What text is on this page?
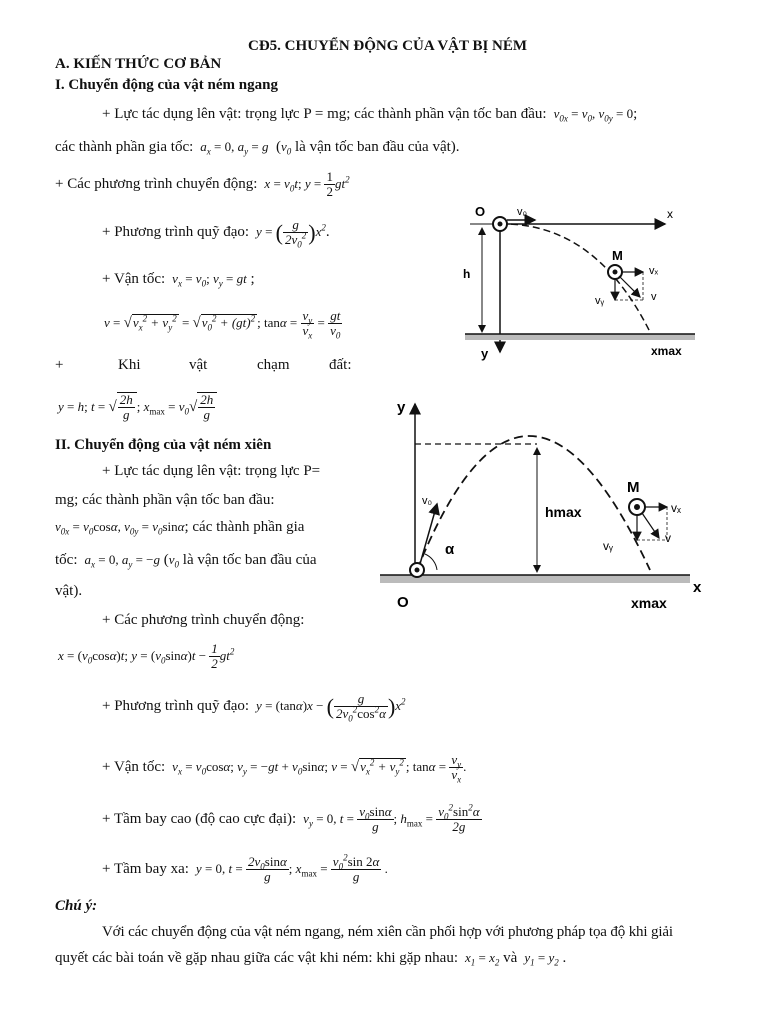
CĐ5. CHUYỂN ĐỘNG CỦA VẬT BỊ NÉM
A. KIẾN THỨC CƠ BẢN
I. Chuyển động của vật ném ngang
+ Lực tác dụng lên vật: trọng lực P = mg; các thành phần vận tốc ban đầu:  $v_{0x} = v_0$, $v_{0y} = 0$;
các thành phần gia tốc:  $a_x = 0$, $a_y = g$  ($v_0$ là vận tốc ban đầu của vật).
+ Các phương trình chuyển động:  $x = v_0t$; $y = \frac{1}{2} gt^2$
+ Phương trình quỹ đạo:  y = ( $\frac{g}{2v_0^2} )x^2$.
+ Vận tốc:  $v_x = v_0$; $v_y$ = gt ;
$v = √v_x^2 + v_y^2 = √v_0^2 + (gt)^2$ ; $\tan\alpha = \frac{v_y}{v_x} = \frac{gt}{v_0}$
+	Khi	vật	chạm	đất:
y = h; t = √ $\frac{2h}{g}$ ; $x_{max} = v_0√ \frac{2h}{g}$
II. Chuyển động của vật ném xiên
+ Lực tác dụng lên vật: trọng lực P=
mg; các thành phần vận tốc ban đầu:
$v_{0x} = v_0\cos\alpha$, $v_{0y} = v_0\sin\alpha$; các thành phần gia
tốc:  $a_x = 0$, $a_y = -g$ ($v_0$ là vận tốc ban đầu của
vật).
+ Các phương trình chuyển động:
$x = (v_0\cos\alpha)t$; $y = (v_0\sin\alpha)t - \frac{1}{2} gt^2$
+ Phương trình quỹ đạo:  y = (tanα)x − ( $\frac{g}{2v_0^2\cos^2\alpha} )x^2$
+ Vận tốc:  $v_x = v_0\cos\alpha$; $v_y = -gt + v_0\sin\alpha$; $v = √v_x^2 + v_y^2$ ; $\tan\alpha = \frac{v_y}{v_x}$ .
+ Tầm bay cao (độ cao cực đại):  $v_y = 0$, $t = \frac{v_0\sin\alpha}{g}$ ; $h_{max} = \frac{v_0^2\sin^2\alpha}{2g}$
+ Tầm bay xa:  y = 0, $t = \frac{2v_0\sin\alpha}{g}$ ; $x_{max} = \frac{v_0^2\sin 2\alpha}{g}$ .
Chú ý:
Với các chuyển động của vật ném ngang, ném xiên cần phối hợp với phương pháp tọa độ khi giải
quyết các bài toán về gặp nhau giữa các vật khi ném: khi gặp nhau:  $x_1 = x_2$ và  $y_1 = y_2$ .
O	v₀	x
M
vₓ
v
vᵧ
h
y	xmax
y
v₀
α
hmax
M
vₓ
vᵧ
v
O
x
xmax
